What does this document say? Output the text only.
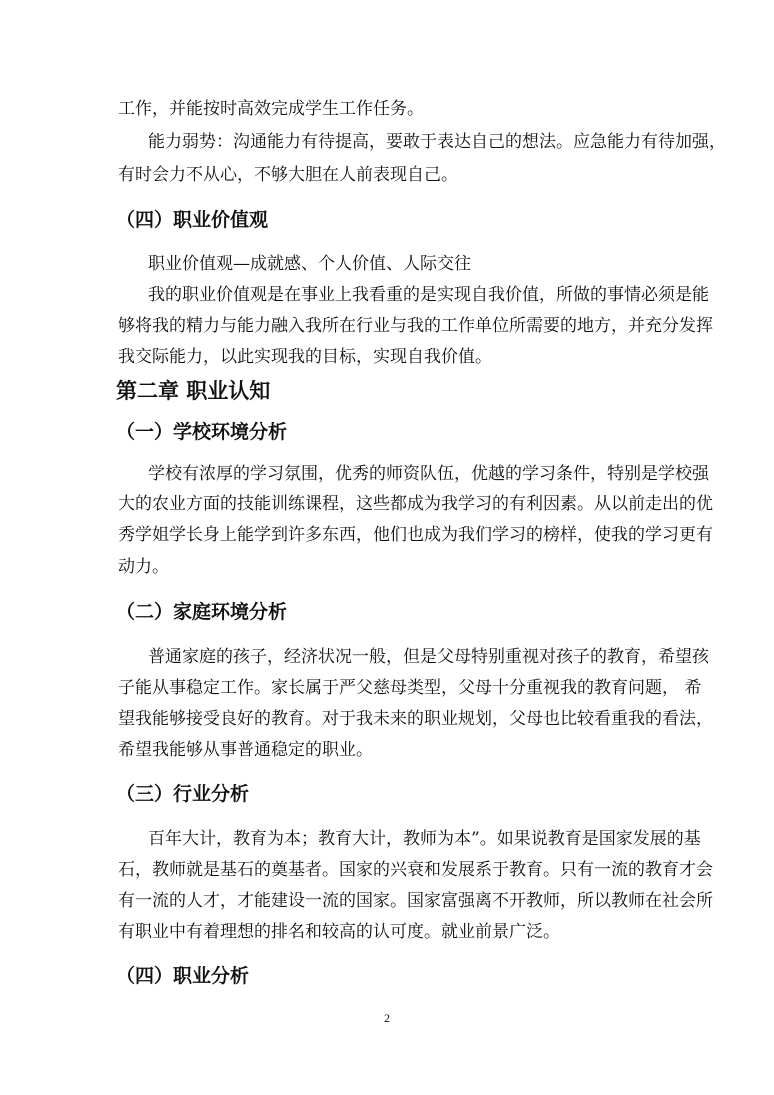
工作，并能按时高效完成学生工作任务。
能力弱势：沟通能力有待提高，要敢于表达自己的想法。应急能力有待加强，
有时会力不从心，不够大胆在人前表现自己。
（四）职业价值观
职业价值观—成就感、个人价值、人际交往
我的职业价值观是在事业上我看重的是实现自我价值，所做的事情必须是能
够将我的精力与能力融入我所在行业与我的工作单位所需要的地方，并充分发挥
我交际能力，以此实现我的目标，实现自我价值。
第二章 职业认知
（一）学校环境分析
学校有浓厚的学习氛围，优秀的师资队伍，优越的学习条件，特别是学校强
大的农业方面的技能训练课程，这些都成为我学习的有利因素。从以前走出的优
秀学姐学长身上能学到许多东西，他们也成为我们学习的榜样，使我的学习更有
动力。
（二）家庭环境分析
普通家庭的孩子，经济状况一般，但是父母特别重视对孩子的教育，希望孩
子能从事稳定工作。家长属于严父慈母类型，父母十分重视我的教育问题， 希
望我能够接受良好的教育。对于我未来的职业规划，父母也比较看重我的看法，
希望我能够从事普通稳定的职业。
（三）行业分析
百年大计，教育为本；教育大计，教师为本”。如果说教育是国家发展的基
石，教师就是基石的奠基者。国家的兴衰和发展系于教育。只有一流的教育才会
有一流的人才，才能建设一流的国家。国家富强离不开教师，所以教师在社会所
有职业中有着理想的排名和较高的认可度。就业前景广泛。
（四）职业分析
2
